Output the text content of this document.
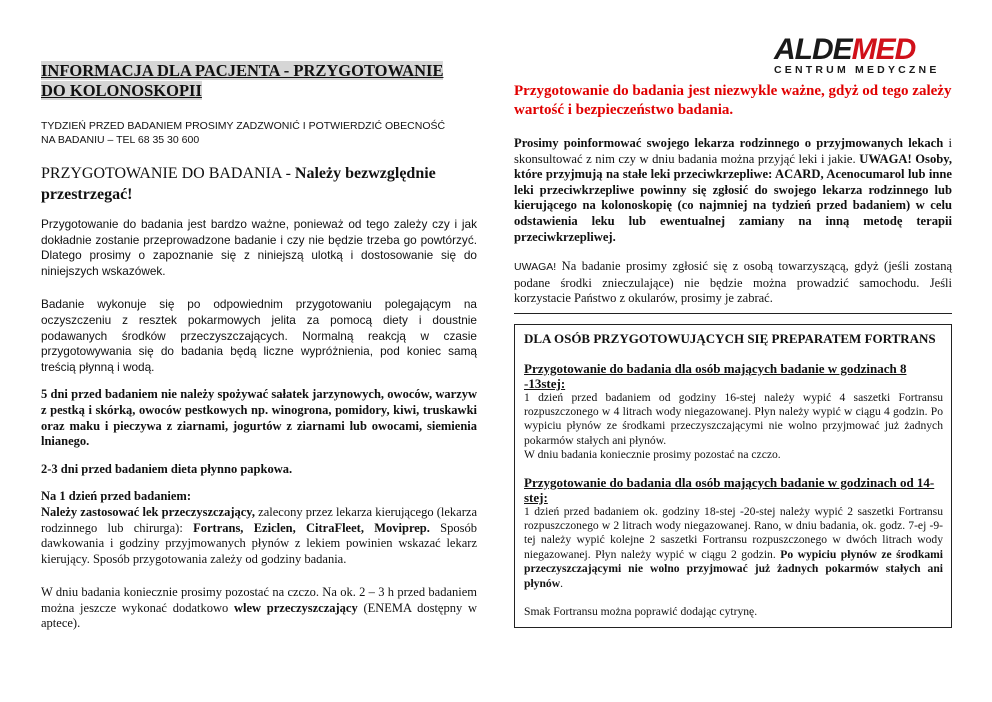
ALDEMED
CENTRUM MEDYCZNE
INFORMACJA DLA PACJENTA - PRZYGOTOWANIE DO KOLONOSKOPII
TYDZIEŃ PRZED BADANIEM PROSIMY ZADZWONIĆ I POTWIERDZIĆ OBECNOŚĆ NA BADANIU – TEL 68 35 30 600
PRZYGOTOWANIE DO BADANIA - Należy bezwzględnie przestrzegać!
Przygotowanie do badania jest bardzo ważne, ponieważ od tego zależy czy i jak dokładnie zostanie przeprowadzone badanie i czy nie będzie trzeba go powtórzyć. Dlatego prosimy o zapoznanie się z niniejszą ulotką i dostosowanie się do niniejszych wskazówek.
Badanie wykonuje się po odpowiednim przygotowaniu polegającym na oczyszczeniu z resztek pokarmowych jelita za pomocą diety i doustnie podawanych środków przeczyszczających. Normalną reakcją w czasie przygotowywania się do badania będą liczne wypróżnienia, pod koniec samą treścią płynną i wodą.
5 dni przed badaniem nie należy spożywać sałatek jarzynowych, owoców, warzyw z pestką i skórką, owoców pestkowych np. winogrona, pomidory, kiwi, truskawki oraz maku i pieczywa z ziarnami, jogurtów z ziarnami lub owocami, siemienia lnianego.
2-3 dni przed badaniem dieta płynno papkowa.
Na 1 dzień przed badaniem:
Należy zastosować lek przeczyszczający, zalecony przez lekarza kierującego (lekarza rodzinnego lub chirurga): Fortrans, Eziclen, CitraFleet, Moviprep. Sposób dawkowania i godziny przyjmowanych płynów z lekiem powinien wskazać lekarz kierujący. Sposób przygotowania zależy od godziny badania.
W dniu badania koniecznie prosimy pozostać na czczo. Na ok. 2 – 3 h przed badaniem można jeszcze wykonać dodatkowo wlew przeczyszczający (ENEMA dostępny w aptece).
Przygotowanie do badania jest niezwykle ważne, gdyż od tego zależy wartość i bezpieczeństwo badania.
Prosimy poinformować swojego lekarza rodzinnego o przyjmowanych lekach i skonsultować z nim czy w dniu badania można przyjąć leki i jakie. UWAGA! Osoby, które przyjmują na stałe leki przeciwkrzepliwe: ACARD, Acenocumarol lub inne leki przeciwkrzepliwe powinny się zgłosić do swojego lekarza rodzinnego lub kierującego na kolonoskopię (co najmniej na tydzień przed badaniem) w celu odstawienia leku lub ewentualnej zamiany na inną metodę terapii przeciwkrzepliwej.
UWAGA! Na badanie prosimy zgłosić się z osobą towarzyszącą, gdyż (jeśli zostaną podane środki znieczulające) nie będzie można prowadzić samochodu. Jeśli korzystacie Państwo z okularów, prosimy je zabrać.
DLA OSÓB PRZYGOTOWUJĄCYCH SIĘ PREPARATEM FORTRANS
Przygotowanie do badania dla osób mających badanie w godzinach 8 -13stej:
1 dzień przed badaniem od godziny 16-stej należy wypić 4 saszetki Fortransu rozpuszczonego w 4 litrach wody niegazowanej. Płyn należy wypić w ciągu 4 godzin. Po wypiciu płynów ze środkami przeczyszczającymi nie wolno przyjmować już żadnych pokarmów stałych ani płynów.
W dniu badania koniecznie prosimy pozostać na czczo.
Przygotowanie do badania dla osób mających badanie w godzinach od 14-stej:
1 dzień przed badaniem ok. godziny 18-stej -20-stej należy wypić 2 saszetki Fortransu rozpuszczonego w 2 litrach wody niegazowanej. Rano, w dniu badania, ok. godz. 7-ej -9-tej należy wypić kolejne 2 saszetki Fortransu rozpuszczonego w dwóch litrach wody niegazowanej. Płyn należy wypić w ciągu 2 godzin. Po wypiciu płynów ze środkami przeczyszczającymi nie wolno przyjmować już żadnych pokarmów stałych ani płynów.
Smak Fortransu można poprawić dodając cytrynę.
